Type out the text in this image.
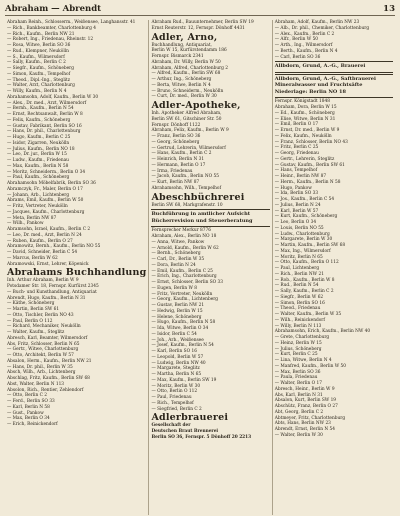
Abraham — Abrendt	13
Abraham Reinh., Schlosserm., Weißensee, Langhansstr. 41
— Rich., Bankbeamter, Charlottenburg 4
— Rich., Kaufm., Berlin NW 21
— Robert, Ing., Friedenau, Rheinstr. 12
— Rosa, Witwe, Berlin SO 36
— Rud., Klempner, Neukölln
— S., Kaufm., Wilmersdorf
— Sally, Kaufm., Berlin C 2
— Siegfr., Kaufm., Schöneberg
— Simon, Kaufm., Tempelhof
— Theod., Dipl.-Ing., Steglitz
— Walter, Arzt, Charlottenburg
— Willy, Kaufm., Berlin N 4
Abrahamsohn, Adolf, Kaufm., Berlin W 30
— Alex., Dr. med., Arzt, Wilmersdorf
— Bernh., Kaufm., Berlin N 54
— Ernst, Rechtsanwalt, Berlin W 8
— Felix, Kaufm., Schöneberg
— Gustav, Fabrikant, Berlin SO 16
— Hans, Dr. phil., Charlottenburg
— Hugo, Kaufm., Berlin C 25
— Isidor, Zigarren, Neukölln
— Julius, Kaufm., Berlin NO 18
— Leo, Dr. jur., Berlin W 15
— Ludw., Kaufm., Friedenau
— Max, Kaufm., Berlin N 58
— Moritz, Schneiderm., Berlin O 34
— Paul, Kaufm., Schöneberg
Abrahamsohn Möbelfabrik, Berlin SO 36
Abramczyk, Fr., Maler, Berlin O 17
— Johann, Arb., Lichtenberg
Abrams, Emil, Kaufm., Berlin W 50
— Fritz, Vertreter, Neukölln
— Jacques, Kaufm., Charlottenburg
— Meta, Berlin NW 87
— Wilh., Pankow
Abramsohn, Israel, Kaufm., Berlin C 2
— Leo, Dr. med., Arzt, Berlin N 24
— Ruben, Kaufm., Berlin O 27
Abramowitz, Bernh., Kaufm., Berlin NO 55
— David, Schneider, Berlin C 54
— Marcus, Berlin W 62
Abramowski, Ernst, Lehrer, Köpenick
Abrahams Buchhandlung
Inh. Arthur Abraham, Berlin W 9
Potsdamer Str. 18, Fernspr. Kurfürst 2345
— Buch- und Kunsthandlung, Antiquariat
Abrendt, Hugo, Kaufm., Berlin N 31
— Käthe, Schöneberg
— Martin, Berlin SW 61
— Otto, Tischler, Berlin NO 43
— Paul, Berlin O 112
— Richard, Mechaniker, Neukölln
— Walter, Kaufm., Steglitz
Abresch, Karl, Beamter, Wilmersdorf
Abs, Fritz, Schlosser, Berlin N 65
— Gertr., Witwe, Charlottenburg
— Otto, Architekt, Berlin W 57
Absalon, Herm., Kaufm., Berlin NW 21
— Hans, Dr. phil., Berlin W 35
Absch, Wilh., Arb., Lichtenberg
Abschlag, Fritz, Kaufm., Berlin SW 68
Abst, Walter, Berlin N 113
Absolon, Rich., Rentier, Zehlendorf
— Otto, Berlin C 2
— Ferd., Berlin SO 33
— Karl, Berlin N 58
— Gust., Pankow
— Max, Berlin O 34
— Erich, Reinickendorf
Abraham Rud., Bauunternehmer, Berlin SW 19
Ernst Reuterstr. 12, Fernspr. Dönhoff 4431
Adler, Arno,
Buchhandlung, Antiquariat,
Berlin W 15, Kurfürstendamm 186
Fernspr. Bismarck 2341
Abraham, Dr. Willy, Berlin W 50
Abraham, Alfred, Charlottenburg 2
— Alfred, Kaufm., Berlin SW 68
— Arthur, Ing., Schöneberg
— Berta, Witwe, Berlin N 4
— Bruno, Schneiderm., Neukölln
— Curt, Dr. med., Berlin W 30
Adler-Apotheke,
Inh. Apotheker Alfred Abraham,
Berlin SW 61, Gitschiner Str. 50
Fernspr. Dönhoff 1122
Abraham, Felix, Kaufm., Berlin W 9
— Franz, Berlin SO 36
— Georg, Schöneberg
— Gertrud, Lehrerin, Wilmersdorf
— Hans, Kaufm., Berlin C 2
— Heinrich, Berlin N 31
— Hermann, Berlin O 17
— Irma, Friedenau
— Jacob, Kaufm., Berlin NO 55
— Kurt, Berlin NW 87
Abrahamsohn, Wilh., Tempelhof
Abeschbüchrerei
Berlin SW 68, Markgrafenstr. 10
Buchführung in amtlicher Aufsicht
Bücherrevision und Steuerberatung
Fernsprecher Merkur 8776
Abraham, Alex., Berlin NO 18
— Anna, Witwe, Pankow
— Arnold, Kaufm., Berlin W 62
— Bernh., Schöneberg
— Carl, Dr., Berlin W 35
— Dora, Berlin N 24
— Emil, Kaufm., Berlin C 25
— Erich, Ing., Charlottenburg
— Ernst, Schlosser, Berlin SO 33
— Eugen, Berlin W 8
— Fritz, Vertreter, Neukölln
— Georg, Kaufm., Lichtenberg
— Gustav, Berlin NW 21
— Hedwig, Berlin W 15
— Helene, Schöneberg
— Hugo, Kaufm., Berlin N 58
— Ida, Witwe, Berlin O 34
— Isidor, Berlin C 54
— Joh., Arb., Weißensee
— Josef, Kaufm., Berlin N 54
— Karl, Berlin SO 16
— Leopold, Berlin W 57
— Ludwig, Berlin NW 40
— Margarete, Steglitz
— Martha, Berlin N 65
— Max, Kaufm., Berlin SW 19
— Moritz, Berlin W 30
— Otto, Berlin O 112
— Paul, Friedenau
— Rich., Tempelhof
— Siegfried, Berlin C 2
Adlerbrauerei
Gesellschaft der
Deutschen Braut Brennerei
Berlin SO 36, Fernspr. 5 Dönhoff 20 2213
Abraham, Adolf, Kaufm., Berlin NW 23
— Alb., Dr. phil., Chemiker, Charlottenburg
— Alex., Kaufm., Berlin C 2
— Alfr., Berlin W 50
— Arth., Ing., Wilmersdorf
— Berth., Kaufm., Berlin N 4
— Carl, Berlin SO 36
Allbdorn, Grund, A.-G., Brauerei
Allbdorn, Grund, A.-G., Saftbrauerei
Mineralwasser und Fruchtsäfte
Niederlage: Berlin NO 18
Fernspr. Königstadt 1848
Abraham, Dora, Berlin W 15
— Ed., Kaufm., Schöneberg
— Elise, Witwe, Berlin N 31
— Emil, Berlin O 17
— Ernst, Dr. med., Berlin W 9
— Felix, Kaufm., Neukölln
— Franz, Schlosser, Berlin NO 43
— Fritz, Berlin C 25
— Georg, Friedenau
— Gertr., Lehrerin, Steglitz
— Gustav, Kaufm., Berlin SW 61
— Hans, Tempelhof
— Heinr., Berlin NW 87
— Herm., Kaufm., Berlin N 58
— Hugo, Pankow
— Ida, Berlin SO 33
— Jos., Kaufm., Berlin C 54
— Julius, Berlin N 24
— Karl, Berlin W 57
— Kurt, Kaufm., Schöneberg
— Leo, Berlin O 34
— Louis, Berlin NO 55
— Ludw., Charlottenburg
— Margarete, Berlin W 30
— Martin, Kaufm., Berlin SW 68
— Max, Ing., Wilmersdorf
— Moritz, Berlin N 65
— Otto, Kaufm., Berlin O 112
— Paul, Lichtenberg
— Rich., Berlin NW 21
— Rob., Kaufm., Berlin W 8
— Rud., Berlin N 54
— Sally, Kaufm., Berlin C 2
— Siegfr., Berlin W 62
— Simon, Berlin SO 16
— Theod., Friedenau
— Walter, Kaufm., Berlin W 35
— Wilh., Reinickendorf
— Willy, Berlin N 113
Abrahamsohn, Erich, Kaufm., Berlin NW 40
— Grete, Charlottenburg
— Heinz, Berlin W 15
— Julius, Schöneberg
— Kurt, Berlin C 25
— Lina, Witwe, Berlin N 4
— Manfred, Kaufm., Berlin W 50
— Max, Berlin SO 36
— Paula, Friedenau
— Walter, Berlin O 17
Abresch, Heinr., Berlin W 9
Abs, Karl, Berlin N 31
Absalon, Kurt, Berlin SW 19
Abschütz, Franz, Berlin O 27
Abt, Georg, Berlin C 2
Abtmeyer, Fritz, Charlottenburg
Abts, Hans, Berlin NW 23
Abrendt, Ernst, Berlin N 54
— Walter, Berlin W 30
